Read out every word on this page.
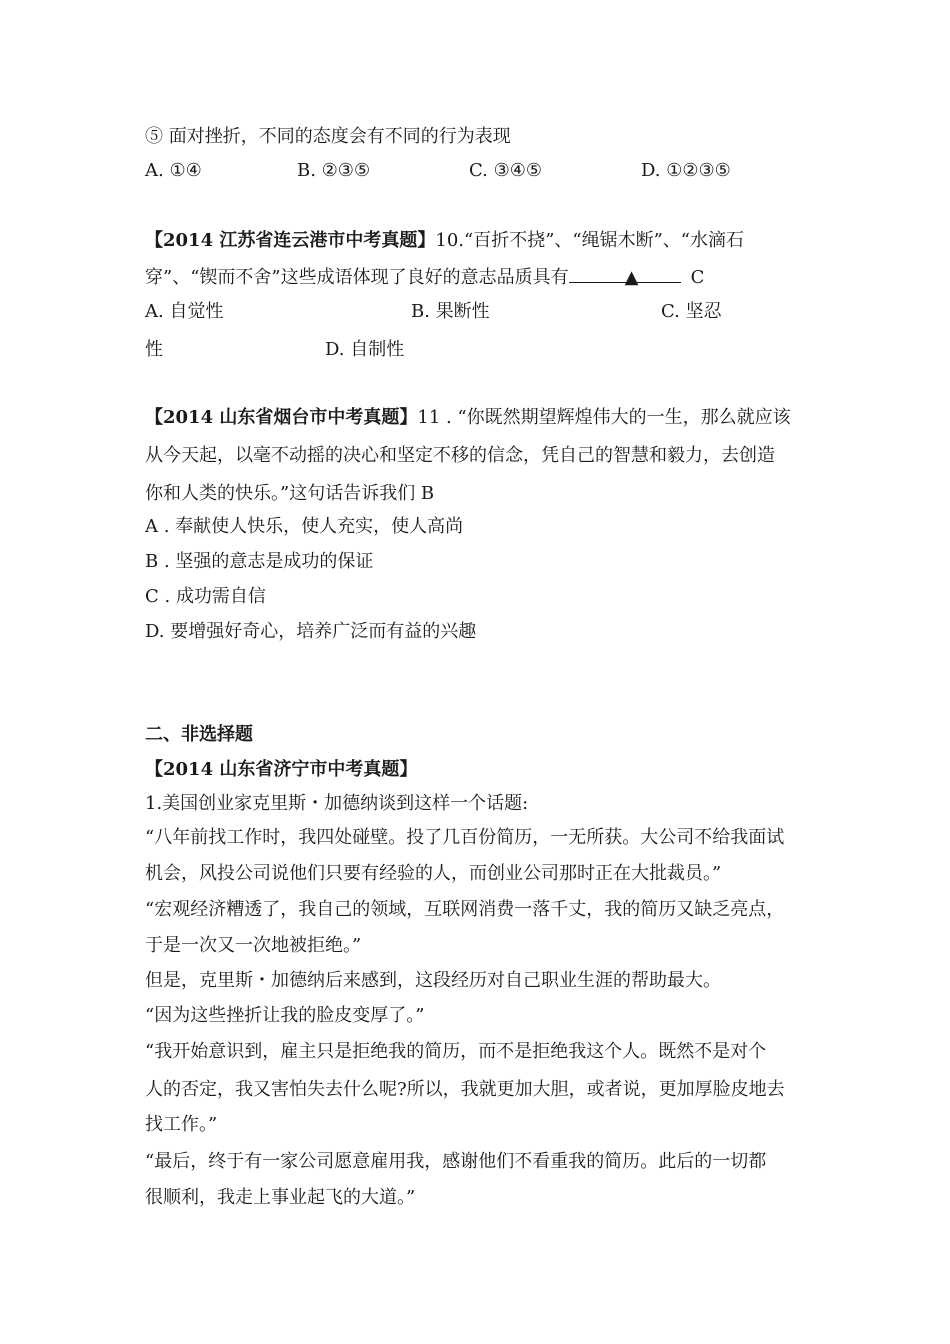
⑤ 面对挫折，不同的态度会有不同的行为表现
A. ①④	B. ②③⑤	C. ③④⑤	D. ①②③⑤
【2014 江苏省连云港市中考真题】10.“百折不挠”、“绳锯木断”、“水滴石
穿”、“锲而不舍”这些成语体现了良好的意志品质具有	▲	C
A. 自觉性	B. 果断性	C. 坚忍
性	D. 自制性
【2014 山东省烟台市中考真题】11 . “你既然期望辉煌伟大的一生，那么就应该
从今天起，以毫不动摇的决心和坚定不移的信念，凭自己的智慧和毅力，去创造
你和人类的快乐。”这句话告诉我们 B
A . 奉献使人快乐，使人充实，使人高尚
B . 坚强的意志是成功的保证
C . 成功需自信
D. 要增强好奇心，培养广泛而有益的兴趣
二、非选择题
【2014 山东省济宁市中考真题】
1.美国创业家克里斯・加德纳谈到这样一个话题:
“八年前找工作时，我四处碰壁。投了几百份简历，一无所获。大公司不给我面试
机会，风投公司说他们只要有经验的人，而创业公司那时正在大批裁员。”
“宏观经济糟透了，我自己的领域，互联网消费一落千丈，我的简历又缺乏亮点，
于是一次又一次地被拒绝。”
但是，克里斯・加德纳后来感到，这段经历对自己职业生涯的帮助最大。
“因为这些挫折让我的脸皮变厚了。”
“我开始意识到，雇主只是拒绝我的简历，而不是拒绝我这个人。既然不是对个
人的否定，我又害怕失去什么呢?所以，我就更加大胆，或者说，更加厚脸皮地去
找工作。”
“最后，终于有一家公司愿意雇用我，感谢他们不看重我的简历。此后的一切都
很顺利，我走上事业起飞的大道。”
